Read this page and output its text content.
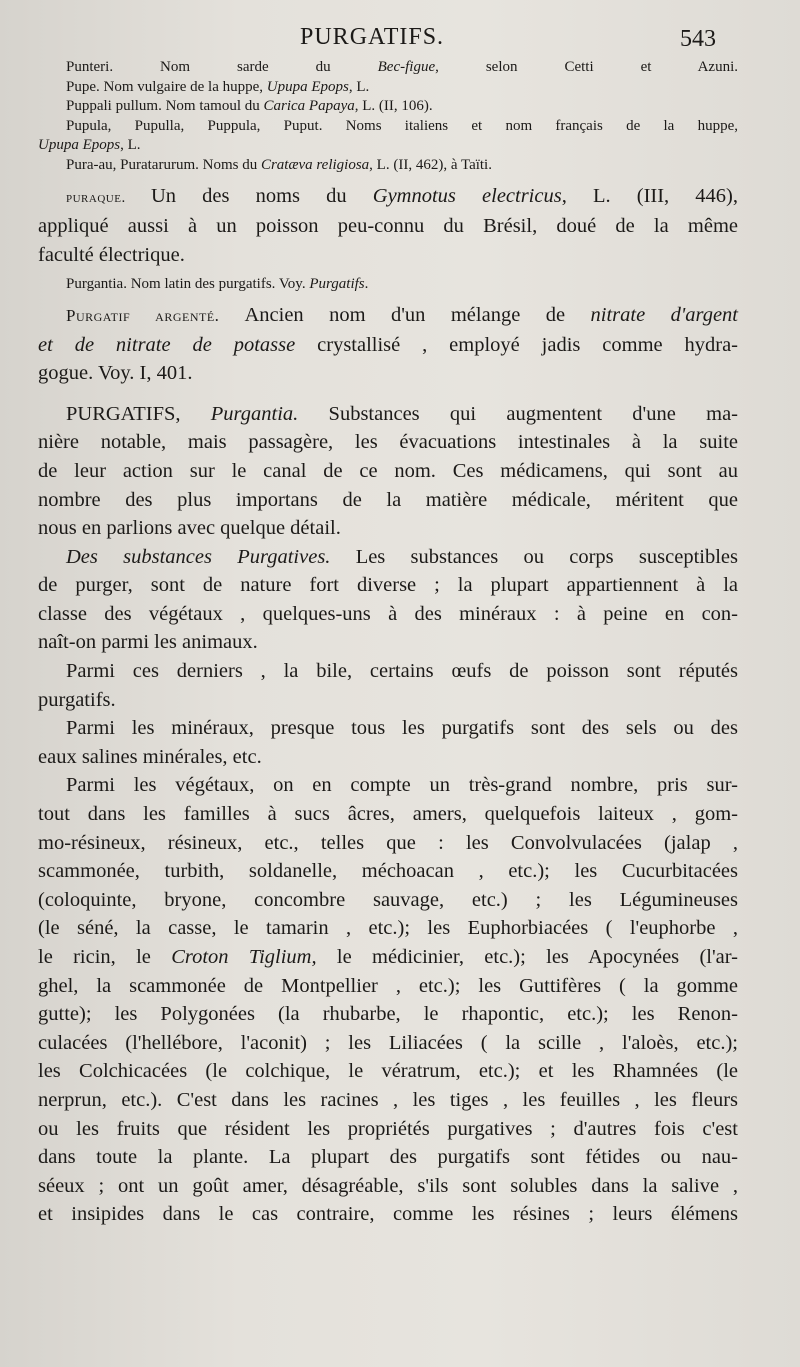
PURGATIFS.	543
Punteri. Nom sarde du Bec-figue, selon Cetti et Azuni.
Pupe. Nom vulgaire de la huppe, Upupa Epops, L.
Puppali pullum. Nom tamoul du Carica Papaya, L. (II, 106).
Pupula, Pupulla, Puppula, Puput. Noms italiens et nom français de la huppe,
Upupa Epops, L.
Pura-au, Puratarurum. Noms du Cratæva religiosa, L. (II, 462), à Taïti.
puraque. Un des noms du Gymnotus electricus, L. (III, 446),
appliqué aussi à un poisson peu-connu du Brésil, doué de la même
faculté électrique.
Purgantia. Nom latin des purgatifs. Voy. Purgatifs.
Purgatif argenté. Ancien nom d'un mélange de nitrate d'argent
et de nitrate de potasse crystallisé , employé jadis comme hydra-
gogue. Voy. I, 401.
PURGATIFS, Purgantia. Substances qui augmentent d'une ma-
nière notable, mais passagère, les évacuations intestinales à la suite
de leur action sur le canal de ce nom. Ces médicamens, qui sont au
nombre des plus importans de la matière médicale, méritent que
nous en parlions avec quelque détail.
Des substances Purgatives. Les substances ou corps susceptibles
de purger, sont de nature fort diverse ; la plupart appartiennent à la
classe des végétaux , quelques-uns à des minéraux : à peine en con-
naît-on parmi les animaux.
Parmi ces derniers , la bile, certains œufs de poisson sont réputés
purgatifs.
Parmi les minéraux, presque tous les purgatifs sont des sels ou des
eaux salines minérales, etc.
Parmi les végétaux, on en compte un très-grand nombre, pris sur-
tout dans les familles à sucs âcres, amers, quelquefois laiteux , gom-
mo-résineux, résineux, etc., telles que : les Convolvulacées (jalap ,
scammonée, turbith, soldanelle, méchoacan , etc.); les Cucurbitacées
(coloquinte, bryone, concombre sauvage, etc.) ; les Légumineuses
(le séné, la casse, le tamarin , etc.); les Euphorbiacées ( l'euphorbe ,
le ricin, le Croton Tiglium, le médicinier, etc.); les Apocynées (l'ar-
ghel, la scammonée de Montpellier , etc.); les Guttifères ( la gomme
gutte); les Polygonées (la rhubarbe, le rhapontic, etc.); les Renon-
culacées (l'hellébore, l'aconit) ; les Liliacées ( la scille , l'aloès, etc.);
les Colchicacées (le colchique, le vératrum, etc.); et les Rhamnées (le
nerprun, etc.). C'est dans les racines , les tiges , les feuilles , les fleurs
ou les fruits que résident les propriétés purgatives ; d'autres fois c'est
dans toute la plante. La plupart des purgatifs sont fétides ou nau-
séeux ; ont un goût amer, désagréable, s'ils sont solubles dans la salive ,
et insipides dans le cas contraire, comme les résines ; leurs élémens
